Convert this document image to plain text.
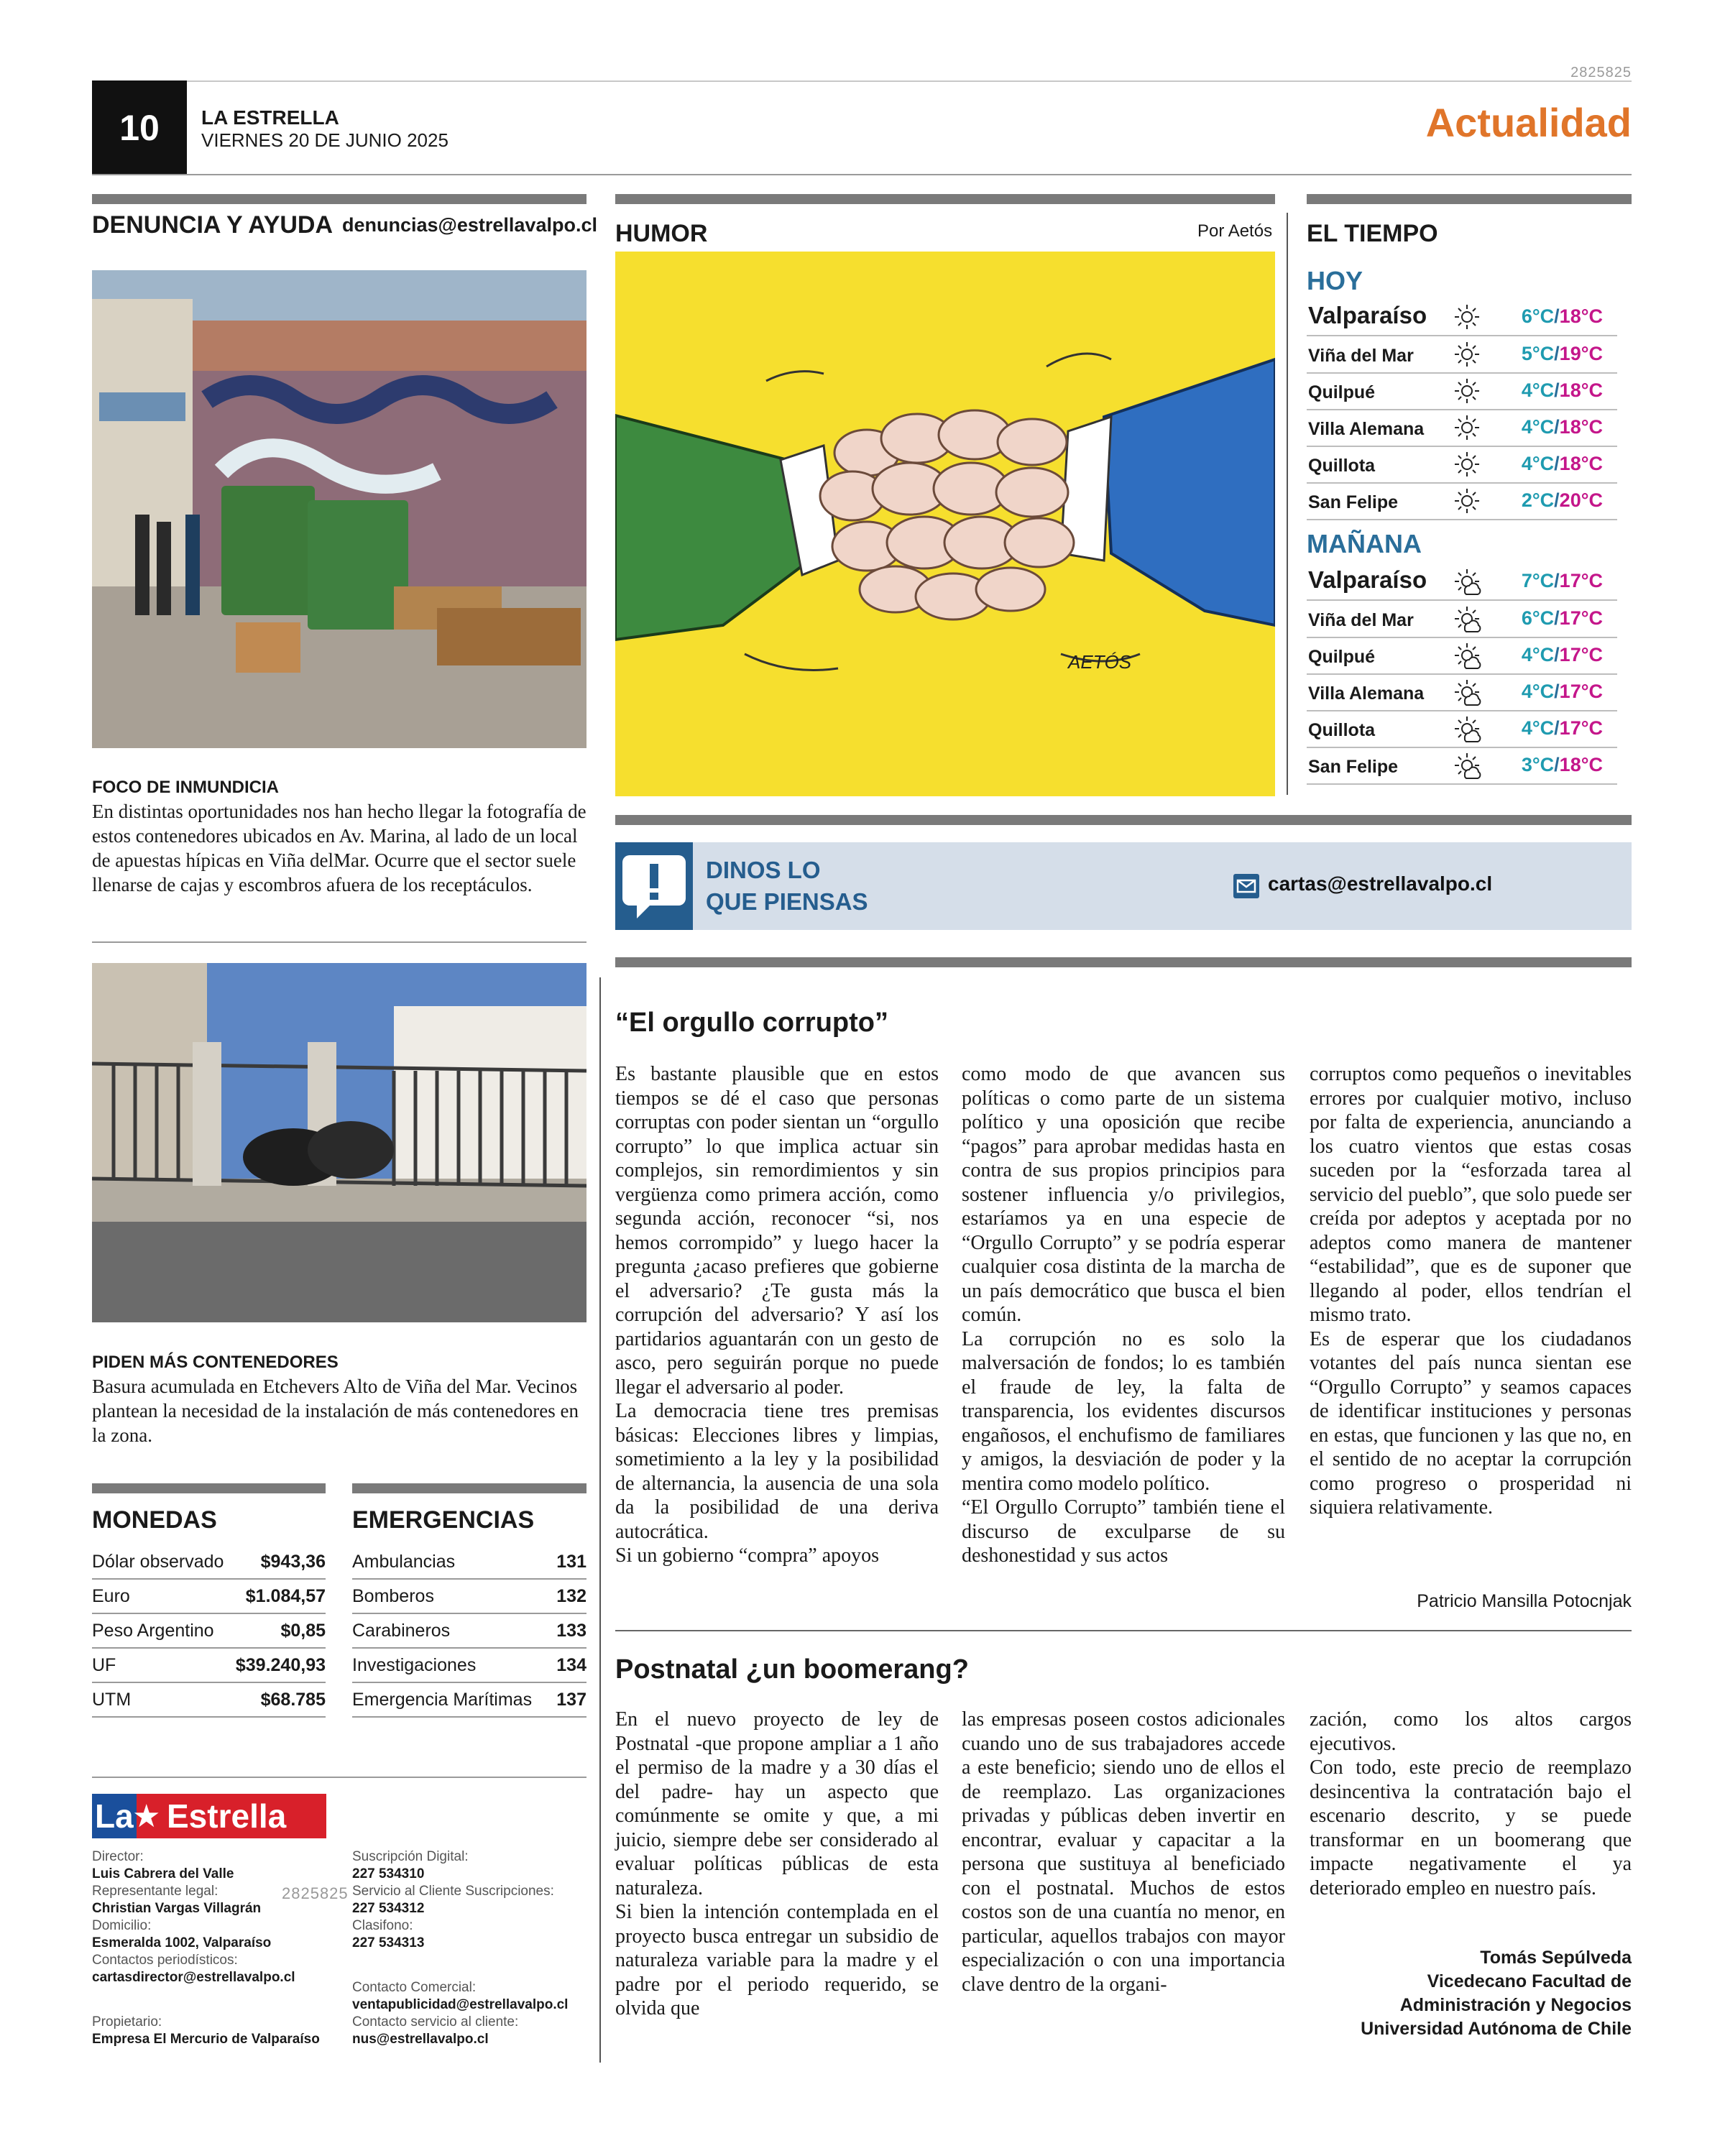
2825825
10	LA ESTRELLA
VIERNES 20 DE JUNIO 2025	Actualidad
DENUNCIA Y AYUDA denuncias@estrellavalpo.cl
FOCO DE INMUNDICIA
En distintas oportunidades nos han hecho llegar la fotografía de estos contenedores ubicados en Av. Marina, al lado de un local de apuestas hípicas en Viña delMar. Ocurre que el sector suele llenarse de cajas y escombros afuera de los receptáculos.
PIDEN MÁS CONTENEDORES
Basura acumulada en Etchevers Alto de Viña del Mar. Vecinos plantean la necesidad de la instalación de más contenedores en la zona.
MONEDAS
Dólar observado $943,36
Euro	$1.084,57
Peso Argentino	$0,85
UF	$39.240,93
UTM	$68.785
EMERGENCIAS
Ambulancias	131
Bomberos	132
Carabineros	133
Investigaciones	134
Emergencia Marítimas 137
La
★ Estrella
Director:
Luis Cabrera del Valle
Representante legal:
Christian Vargas Villagrán
Domicilio:
Esmeralda 1002, Valparaíso
Contactos periodísticos:
cartasdirector@estrellavalpo.cl
Propietario:
Empresa El Mercurio de Valparaíso
2825825
Suscripción Digital:
227 534310
Servicio al Cliente Suscripciones:
227 534312
Clasifono:
227 534313
Contacto Comercial:
ventapublicidad@estrellavalpo.cl
Contacto servicio al cliente:
nus@estrellavalpo.cl
HUMOR	Por Aetós
AETÓS
EL TIEMPO
HOY
Valparaíso	6°C/18°C
Viña del Mar	5°C/19°C
Quilpué	4°C/18°C
Villa Alemana	4°C/18°C
Quillota	4°C/18°C
San Felipe	2°C/20°C
MAÑANA
Valparaíso	7°C/17°C
Viña del Mar	6°C/17°C
Quilpué	4°C/17°C
Villa Alemana	4°C/17°C
Quillota	4°C/17°C
San Felipe	3°C/18°C
DINOS LO
QUE PIENSAS
cartas@estrellavalpo.cl
“El orgullo corrupto”
Es bastante plausible que en estos tiempos se dé el caso que personas corruptas con poder sientan un “orgullo corrupto” lo que implica actuar sin complejos, sin remordimientos y sin vergüenza como primera acción, como segunda acción, reconocer “si, nos hemos corrompido” y luego hacer la pregunta ¿acaso prefieres que gobierne el adversario? ¿Te gusta más la corrupción del adversario? Y así los partidarios aguantarán con un gesto de asco, pero seguirán porque no puede llegar el adversario al poder.
La democracia tiene tres premisas básicas: Elecciones libres y limpias, sometimiento a la ley y la posibilidad de alternancia, la ausencia de una sola da la posibilidad de una deriva autocrática.
Si un gobierno “compra” apoyos
como modo de que avancen sus políticas o como parte de un sistema político y una oposición que recibe “pagos” para aprobar medidas hasta en contra de sus propios principios para sostener influencia y/o privilegios, estaríamos ya en una especie de “Orgullo Corrupto” y se podría esperar cualquier cosa distinta de la marcha de un país democrático que busca el bien común.
La corrupción no es solo la malversación de fondos; lo es también el fraude de ley, la falta de transparencia, los evidentes discursos engañosos, el enchufismo de familiares y amigos, la desviación de poder y la mentira como modelo político.
“El Orgullo Corrupto” también tiene el discurso de exculparse de su deshonestidad y sus actos
corruptos como pequeños o inevitables errores por cualquier motivo, incluso por falta de experiencia, anunciando a los cuatro vientos que estas cosas suceden por la “esforzada tarea al servicio del pueblo”, que solo puede ser creída por adeptos y aceptada por no adeptos como manera de mantener “estabilidad”, que es de suponer que llegando al poder, ellos tendrían el mismo trato.
Es de esperar que los ciudadanos votantes del país nunca sientan ese “Orgullo Corrupto” y seamos capaces de identificar instituciones y personas en estas, que funcionen y las que no, en el sentido de no aceptar la corrupción como progreso o prosperidad ni siquiera relativamente.
Patricio Mansilla Potocnjak
Postnatal ¿un boomerang?
En el nuevo proyecto de ley de Postnatal -que propone ampliar a 1 año el permiso de la madre y a 30 días el del padre- hay un aspecto que comúnmente se omite y que, a mi juicio, siempre debe ser considerado al evaluar políticas públicas de esta naturaleza.
Si bien la intención contemplada en el proyecto busca entregar un subsidio de naturaleza variable para la madre y el padre por el periodo requerido, se olvida que
las empresas poseen costos adicionales cuando uno de sus trabajadores accede a este beneficio; siendo uno de ellos el de reemplazo. Las organizaciones privadas y públicas deben invertir en encontrar, evaluar y capacitar a la persona que sustituya al beneficiado con el postnatal. Muchos de estos costos son de una cuantía no menor, en particular, aquellos trabajos con mayor especialización o con una importancia clave dentro de la organi-
zación, como los altos cargos ejecutivos.
Con todo, este precio de reemplazo desincentiva la contratación bajo el escenario descrito, y se puede transformar en un boomerang que impacte negativamente el ya deteriorado empleo en nuestro país.
Tomás Sepúlveda
Vicedecano Facultad de
Administración y Negocios
Universidad Autónoma de Chile
